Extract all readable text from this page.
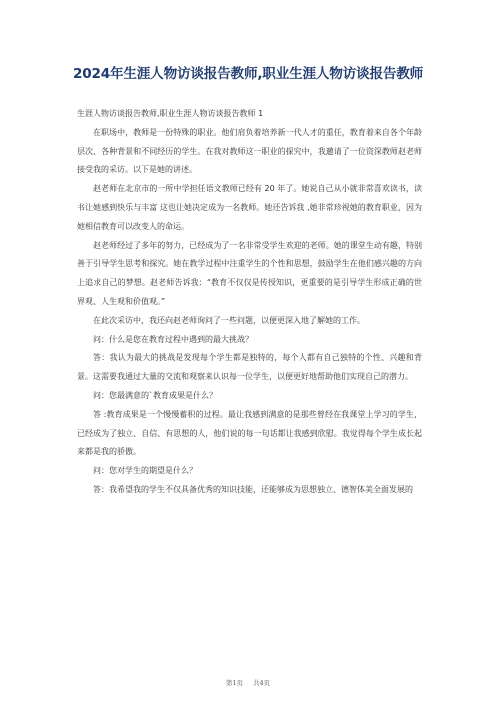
2024年生涯人物访谈报告教师,职业生涯人物访谈报告教师

生涯人物访谈报告教师,职业生涯人物访谈报告教师 1

在职场中，教师是一份特殊的职业。他们肩负着培养新一代人才的重任，教育着来自各个年龄层次、各种背景和不同经历的学生。在我对教师这一职业的探究中，我邀请了一位资深教师赵老师接受我的采访。以下是她的讲述。

赵老师在北京市的一所中学担任语文教师已经有 20 年了。她说自己从小就非常喜欢读书，读书让她感到快乐与丰富 这也让她决定成为一名教师。她还告诉我 ,她非常珍视她的教育职业，因为她相信教育可以改变人的命运。

赵老师经过了多年的努力，已经成为了一名非常受学生欢迎的老师。她的课堂生动有趣，特别善于引导学生思考和探究。她在教学过程中注重学生的个性和思想，鼓励学生在他们感兴趣的方向上追求自己的梦想。赵老师告诉我：“教育不仅仅是传授知识，更重要的是引导学生形成正确的世界观、人生观和价值观。”

在此次采访中，我还向赵老师询问了一些问题，以便更深入地了解她的工作。

问：什么是您在教育过程中遇到的最大挑战？

答：我认为最大的挑战是发现每个学生都是独特的，每个人都有自己独特的个性、兴趣和背景。这需要我通过大量的交流和观察来认识每一位学生，以便更好地帮助他们实现自己的潜力。

问：您最满意的`教育成果是什么？

答 :教育成果是一个慢慢蓄积的过程。最让我感到满意的是那些曾经在我课堂上学习的学生，已经成为了独立、自信、有思想的人，他们说的每一句话都让我感到欣慰。我觉得每个学生成长起来都是我的骄傲。

问：您对学生的期望是什么？

答：我希望我的学生不仅具备优秀的知识技能，还能够成为思想独立、德智体美全面发展的

第1页 共4页
